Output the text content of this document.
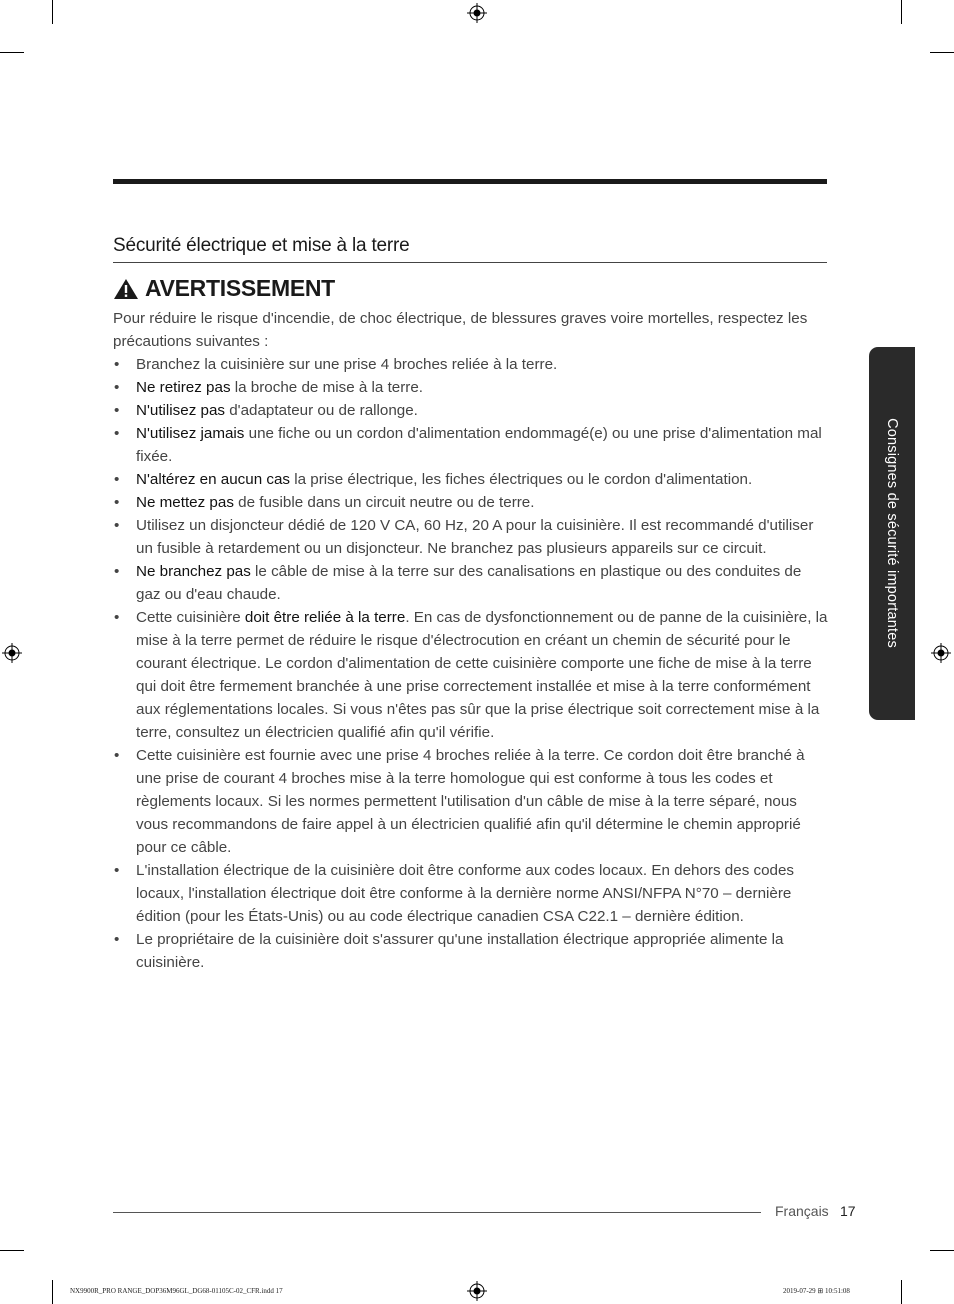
Sécurité électrique et mise à la terre
AVERTISSEMENT

Pour réduire le risque d'incendie, de choc électrique, de blessures graves voire mortelles, respectez les précautions suivantes :

• Branchez la cuisinière sur une prise 4 broches reliée à la terre.
• Ne retirez pas la broche de mise à la terre.
• N'utilisez pas d'adaptateur ou de rallonge.
• N'utilisez jamais une fiche ou un cordon d'alimentation endommagé(e) ou une prise d'alimentation mal fixée.
• N'altérez en aucun cas la prise électrique, les fiches électriques ou le cordon d'alimentation.
• Ne mettez pas de fusible dans un circuit neutre ou de terre.
• Utilisez un disjoncteur dédié de 120 V CA, 60 Hz, 20 A pour la cuisinière. Il est recommandé d'utiliser un fusible à retardement ou un disjoncteur. Ne branchez pas plusieurs appareils sur ce circuit.
• Ne branchez pas le câble de mise à la terre sur des canalisations en plastique ou des conduites de gaz ou d'eau chaude.
• Cette cuisinière doit être reliée à la terre. En cas de dysfonctionnement ou de panne de la cuisinière, la mise à la terre permet de réduire le risque d'électrocution en créant un chemin de sécurité pour le courant électrique. Le cordon d'alimentation de cette cuisinière comporte une fiche de mise à la terre qui doit être fermement branchée à une prise correctement installée et mise à la terre conformément aux réglementations locales. Si vous n'êtes pas sûr que la prise électrique soit correctement mise à la terre, consultez un électricien qualifié afin qu'il vérifie.
• Cette cuisinière est fournie avec une prise 4 broches reliée à la terre. Ce cordon doit être branché à une prise de courant 4 broches mise à la terre homologue qui est conforme à tous les codes et règlements locaux. Si les normes permettent l'utilisation d'un câble de mise à la terre séparé, nous vous recommandons de faire appel à un électricien qualifié afin qu'il détermine le chemin approprié pour ce câble.
• L'installation électrique de la cuisinière doit être conforme aux codes locaux. En dehors des codes locaux, l'installation électrique doit être conforme à la dernière norme ANSI/NFPA N°70 – dernière édition (pour les États-Unis) ou au code électrique canadien CSA C22.1 – dernière édition.
• Le propriétaire de la cuisinière doit s'assurer qu'une installation électrique appropriée alimente la cuisinière.
Consignes de sécurité importantes
Français 17
NX9900R_PRO RANGE_DOP36M96GL_DG68-01105C-02_CFR.indd 17	2019-07-29 ⊞ 10:51:08
